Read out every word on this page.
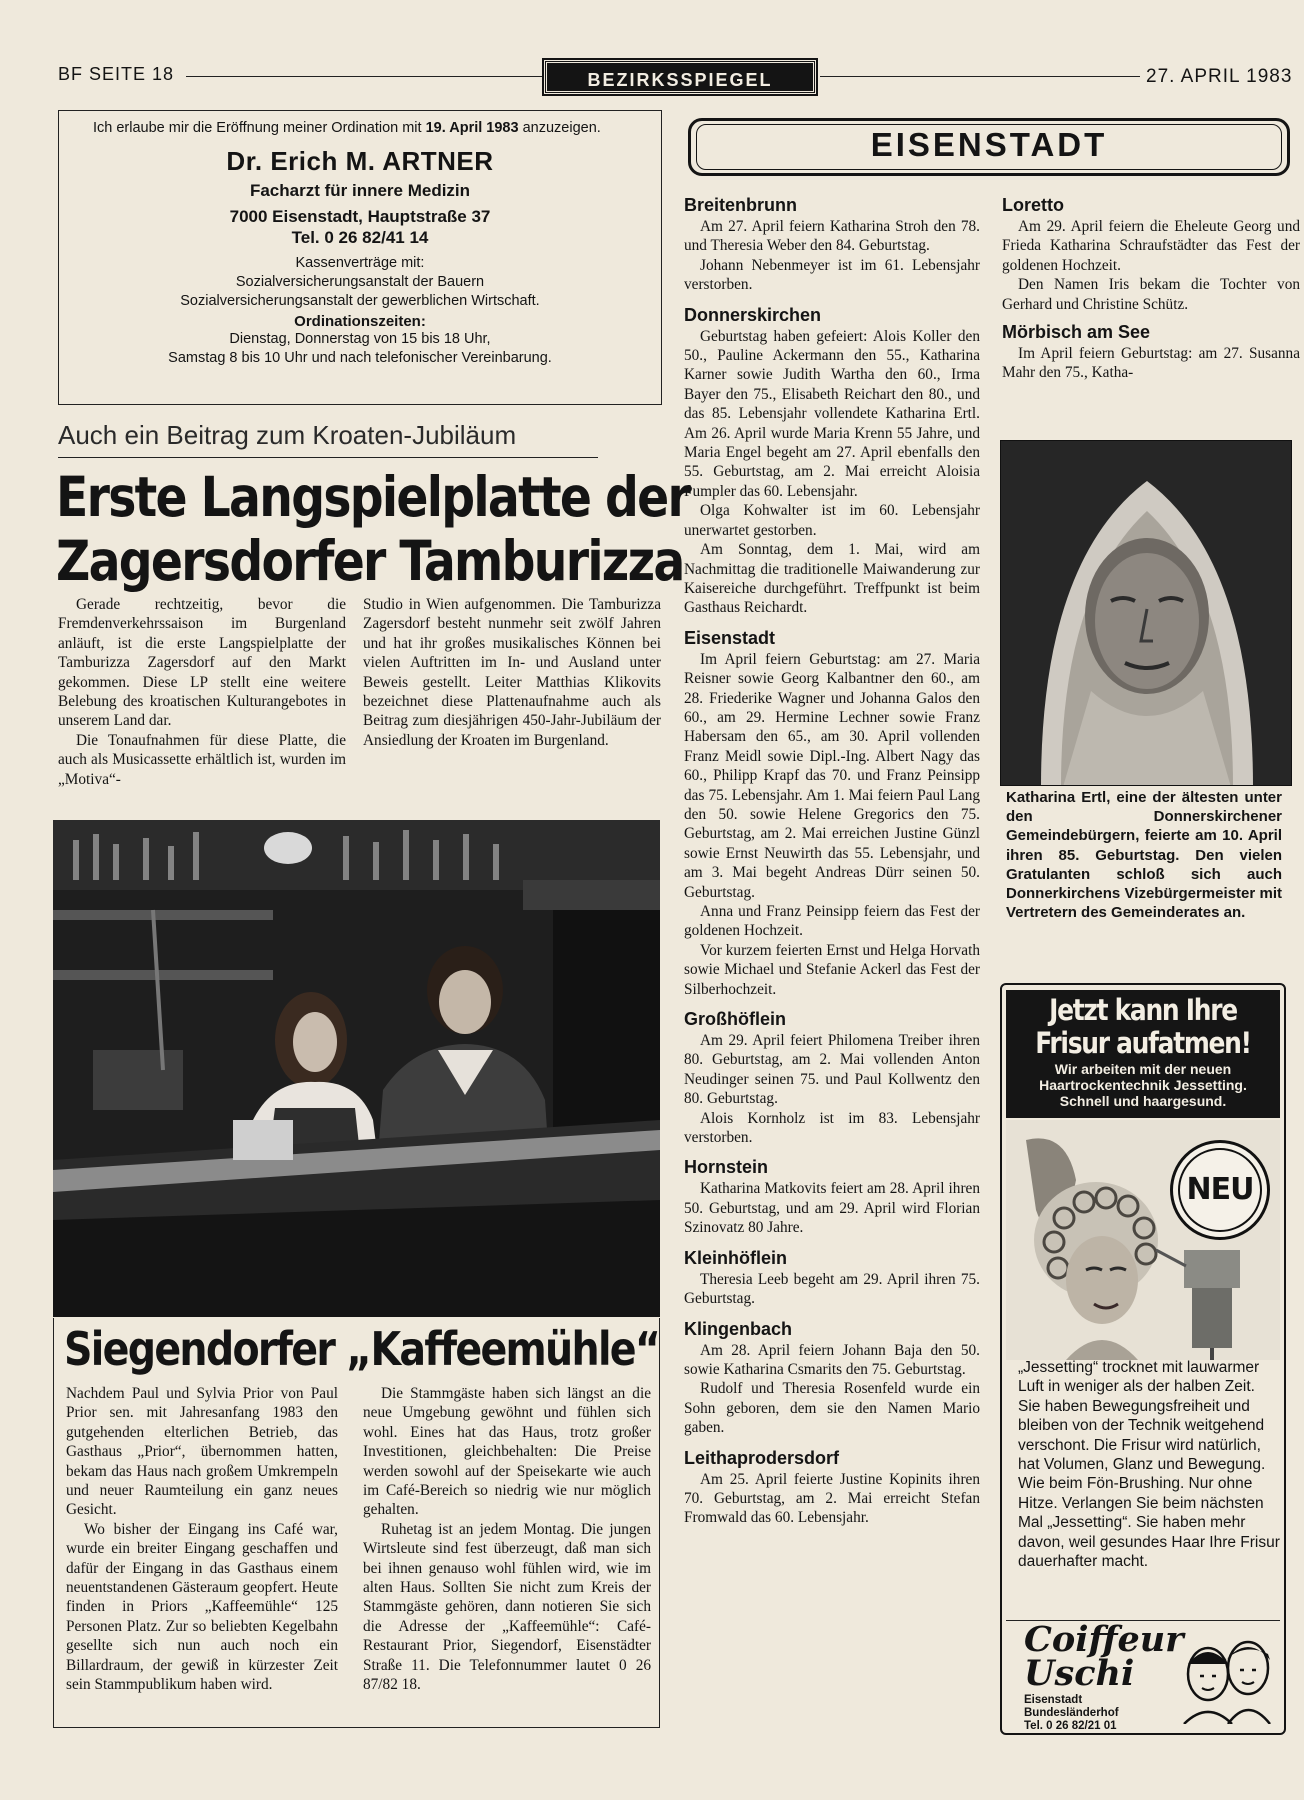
BF SEITE 18	BEZIRKSSPIEGEL	27. APRIL 1983
Ich erlaube mir die Eröffnung meiner Ordination mit 19. April 1983 anzuzeigen.
Dr. Erich M. ARTNER
Facharzt für innere Medizin
7000 Eisenstadt, Hauptstraße 37
Tel. 0 26 82/41 14
Kassenverträge mit:
Sozialversicherungsanstalt der Bauern
Sozialversicherungsanstalt der gewerblichen Wirtschaft.
Ordinationszeiten:
Dienstag, Donnerstag von 15 bis 18 Uhr,
Samstag 8 bis 10 Uhr und nach telefonischer Vereinbarung.
Auch ein Beitrag zum Kroaten-Jubiläum
Erste Langspielplatte der
Zagersdorfer Tamburizza

Gerade rechtzeitig, bevor die Fremdenverkehrssaison im Burgenland anläuft, ist die erste Langspielplatte der Tamburizza Zagersdorf auf den Markt gekommen. Diese LP stellt eine weitere Belebung des kroatischen Kulturangebotes in unserem Land dar.

Die Tonaufnahmen für diese Platte, die auch als Musicassette erhältlich ist, wurden im „Motiva“-

Studio in Wien aufgenommen. Die Tamburizza Zagersdorf besteht nunmehr seit zwölf Jahren und hat ihr großes musikalisches Können bei vielen Auftritten im In- und Ausland unter Beweis gestellt. Leiter Matthias Klikovits bezeichnet diese Plattenaufnahme auch als Beitrag zum diesjährigen 450-Jahr-Jubiläum der Ansiedlung der Kroaten im Burgenland.

Siegendorfer „Kaffeemühle“

Nachdem Paul und Sylvia Prior von Paul Prior sen. mit Jahresanfang 1983 den gutgehenden elterlichen Betrieb, das Gasthaus „Prior“, übernommen hatten, bekam das Haus nach großem Umkrempeln und neuer Raumteilung ein ganz neues Gesicht.

Wo bisher der Eingang ins Café war, wurde ein breiter Eingang geschaffen und dafür der Eingang in das Gasthaus einem neuentstandenen Gästeraum geopfert. Heute finden in Priors „Kaffeemühle“ 125 Personen Platz. Zur so beliebten Kegelbahn gesellte sich nun auch noch ein Billardraum, der gewiß in kürzester Zeit sein Stammpublikum haben wird.

Die Stammgäste haben sich längst an die neue Umgebung gewöhnt und fühlen sich wohl. Eines hat das Haus, trotz großer Investitionen, gleichbehalten: Die Preise werden sowohl auf der Speisekarte wie auch im Café-Bereich so niedrig wie nur möglich gehalten.

Ruhetag ist an jedem Montag. Die jungen Wirtsleute sind fest überzeugt, daß man sich bei ihnen genauso wohl fühlen wird, wie im alten Haus. Sollten Sie nicht zum Kreis der Stammgäste gehören, dann notieren Sie sich die Adresse der „Kaffeemühle“: Café-Restaurant Prior, Siegendorf, Eisenstädter Straße 11. Die Telefonnummer lautet 0 26 87/82 18.

EISENSTADT
Breitenbrunn

Am 27. April feiern Katharina Stroh den 78. und Theresia Weber den 84. Geburtstag.

Johann Nebenmeyer ist im 61. Lebensjahr verstorben.

Donnerskirchen

Geburtstag haben gefeiert: Alois Koller den 50., Pauline Ackermann den 55., Katharina Karner sowie Judith Wartha den 60., Irma Bayer den 75., Elisabeth Reichart den 80., und das 85. Lebensjahr vollendete Katharina Ertl. Am 26. April wurde Maria Krenn 55 Jahre, und Maria Engel begeht am 27. April ebenfalls den 55. Geburtstag, am 2. Mai erreicht Aloisia Pumpler das 60. Lebensjahr.

Olga Kohwalter ist im 60. Lebensjahr unerwartet gestorben.

Am Sonntag, dem 1. Mai, wird am Nachmittag die traditionelle Maiwanderung zur Kaisereiche durchgeführt. Treffpunkt ist beim Gasthaus Reichardt.

Eisenstadt

Im April feiern Geburtstag: am 27. Maria Reisner sowie Georg Kalbantner den 60., am 28. Friederike Wagner und Johanna Galos den 60., am 29. Hermine Lechner sowie Franz Habersam den 65., am 30. April vollenden Franz Meidl sowie Dipl.-Ing. Albert Nagy das 60., Philipp Krapf das 70. und Franz Peinsipp das 75. Lebensjahr. Am 1. Mai feiern Paul Lang den 50. sowie Helene Gregorics den 75. Geburtstag, am 2. Mai erreichen Justine Günzl sowie Ernst Neuwirth das 55. Lebensjahr, und am 3. Mai begeht Andreas Dürr seinen 50. Geburtstag.

Anna und Franz Peinsipp feiern das Fest der goldenen Hochzeit.

Vor kurzem feierten Ernst und Helga Horvath sowie Michael und Stefanie Ackerl das Fest der Silberhochzeit.

Großhöflein

Am 29. April feiert Philomena Treiber ihren 80. Geburtstag, am 2. Mai vollenden Anton Neudinger seinen 75. und Paul Kollwentz den 80. Geburtstag.

Alois Kornholz ist im 83. Lebensjahr verstorben.

Hornstein

Katharina Matkovits feiert am 28. April ihren 50. Geburtstag, und am 29. April wird Florian Szinovatz 80 Jahre.

Kleinhöflein

Theresia Leeb begeht am 29. April ihren 75. Geburtstag.

Klingenbach

Am 28. April feiern Johann Baja den 50. sowie Katharina Csmarits den 75. Geburtstag.

Rudolf und Theresia Rosenfeld wurde ein Sohn geboren, dem sie den Namen Mario gaben.

Leithaprodersdorf

Am 25. April feierte Justine Kopinits ihren 70. Geburtstag, am 2. Mai erreicht Stefan Fromwald das 60. Lebensjahr.

Loretto

Am 29. April feiern die Eheleute Georg und Frieda Katharina Schraufstädter das Fest der goldenen Hochzeit.

Den Namen Iris bekam die Tochter von Gerhard und Christine Schütz.

Mörbisch am See

Im April feiern Geburtstag: am 27. Susanna Mahr den 75., Katha-

Katharina Ertl, eine der ältesten unter den Donnerskirchener Gemeindebürgern, feierte am 10. April ihren 85. Geburtstag. Den vielen Gratulanten schloß sich auch Donnerkirchens Vizebürgermeister mit Vertretern des Gemeinderates an.
Jetzt kann Ihre
Frisur aufatmen!
Wir arbeiten mit der neuen
Haartrockentechnik Jessetting.
Schnell und haargesund.
NEU
„Jessetting“ trocknet mit lauwarmer Luft in weniger als der halben Zeit. Sie haben Bewegungsfreiheit und bleiben von der Technik weitgehend verschont. Die Frisur wird natürlich, hat Volumen, Glanz und Bewegung. Wie beim Fön-Brushing. Nur ohne Hitze. Verlangen Sie beim nächsten Mal „Jessetting“. Sie haben mehr davon, weil gesundes Haar Ihre Frisur dauerhafter macht.
Coiffeur
Uschi
Eisenstadt
Bundesländerhof
Tel. 0 26 82/21 01
